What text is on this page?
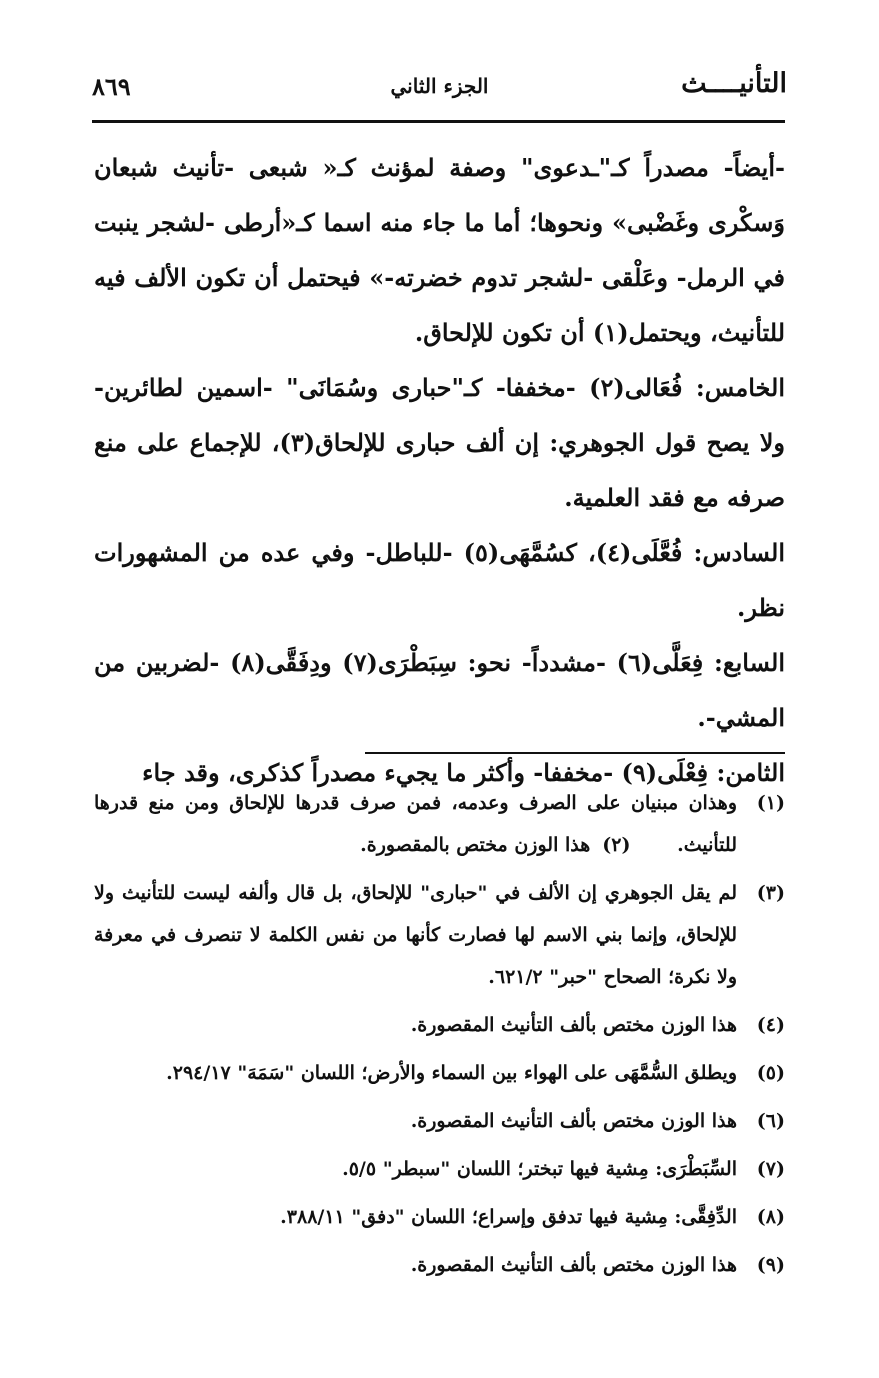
التأنيــــث
الجزء الثاني
٨٦٩

-أيضاً- مصدراً كـ"ـدعوى" وصفة لمؤنث كـ« شبعى -تأنيث شبعان وَسكْرى وغَضْبى» ونحوها؛ أما ما جاء منه اسما كـ«أرطى -لشجر ينبت في الرمل- وعَلْقى -لشجر تدوم خضرته-» فيحتمل أن تكون الألف فيه للتأنيث، ويحتمل(١) أن تكون للإلحاق.

الخامس: فُعَالى(٢) -مخففا- كـ"حبارى وسُمَانَى" -اسمين لطائرين- ولا يصح قول الجوهري: إن ألف حبارى للإلحاق(٣)، للإجماع على منع صرفه مع فقد العلمية.

السادس: فُعَّلَى(٤)، كسُمَّهَى(٥) -للباطل- وفي عده من المشهورات نظر.

السابع: فِعَلَّى(٦) -مشدداً- نحو: سِبَطْرَى(٧) ودِفَقَّى(٨) -لضربين من المشي-.

الثامن: فِعْلَى(٩) -مخففا- وأكثر ما يجيء مصدراً كذكرى، وقد جاء

(١)
وهذان مبنيان على الصرف وعدمه، فمن صرف قدرها للإلحاق ومن منع قدرها للتأنيث. (٢)هذا الوزن مختص بالمقصورة.
(٣)
لم يقل الجوهري إن الألف في "حبارى" للإلحاق، بل قال وألفه ليست للتأنيث ولا للإلحاق، وإنما بني الاسم لها فصارت كأنها من نفس الكلمة لا تنصرف في معرفة ولا نكرة؛ الصحاح "حبر" ٦٢١/٢.
(٤)
هذا الوزن مختص بألف التأنيث المقصورة.
(٥)
ويطلق السُّمَّهَى على الهواء بين السماء والأرض؛ اللسان "سَمَهَ" ٢٩٤/١٧.
(٦)
هذا الوزن مختص بألف التأنيث المقصورة.
(٧)
السِّبَطْرَى: مِشية فيها تبختر؛ اللسان "سبطر" ٥/٥.
(٨)
الدِّفِقَّى: مِشية فيها تدفق وإسراع؛ اللسان "دفق" ٣٨٨/١١.
(٩)
هذا الوزن مختص بألف التأنيث المقصورة.
